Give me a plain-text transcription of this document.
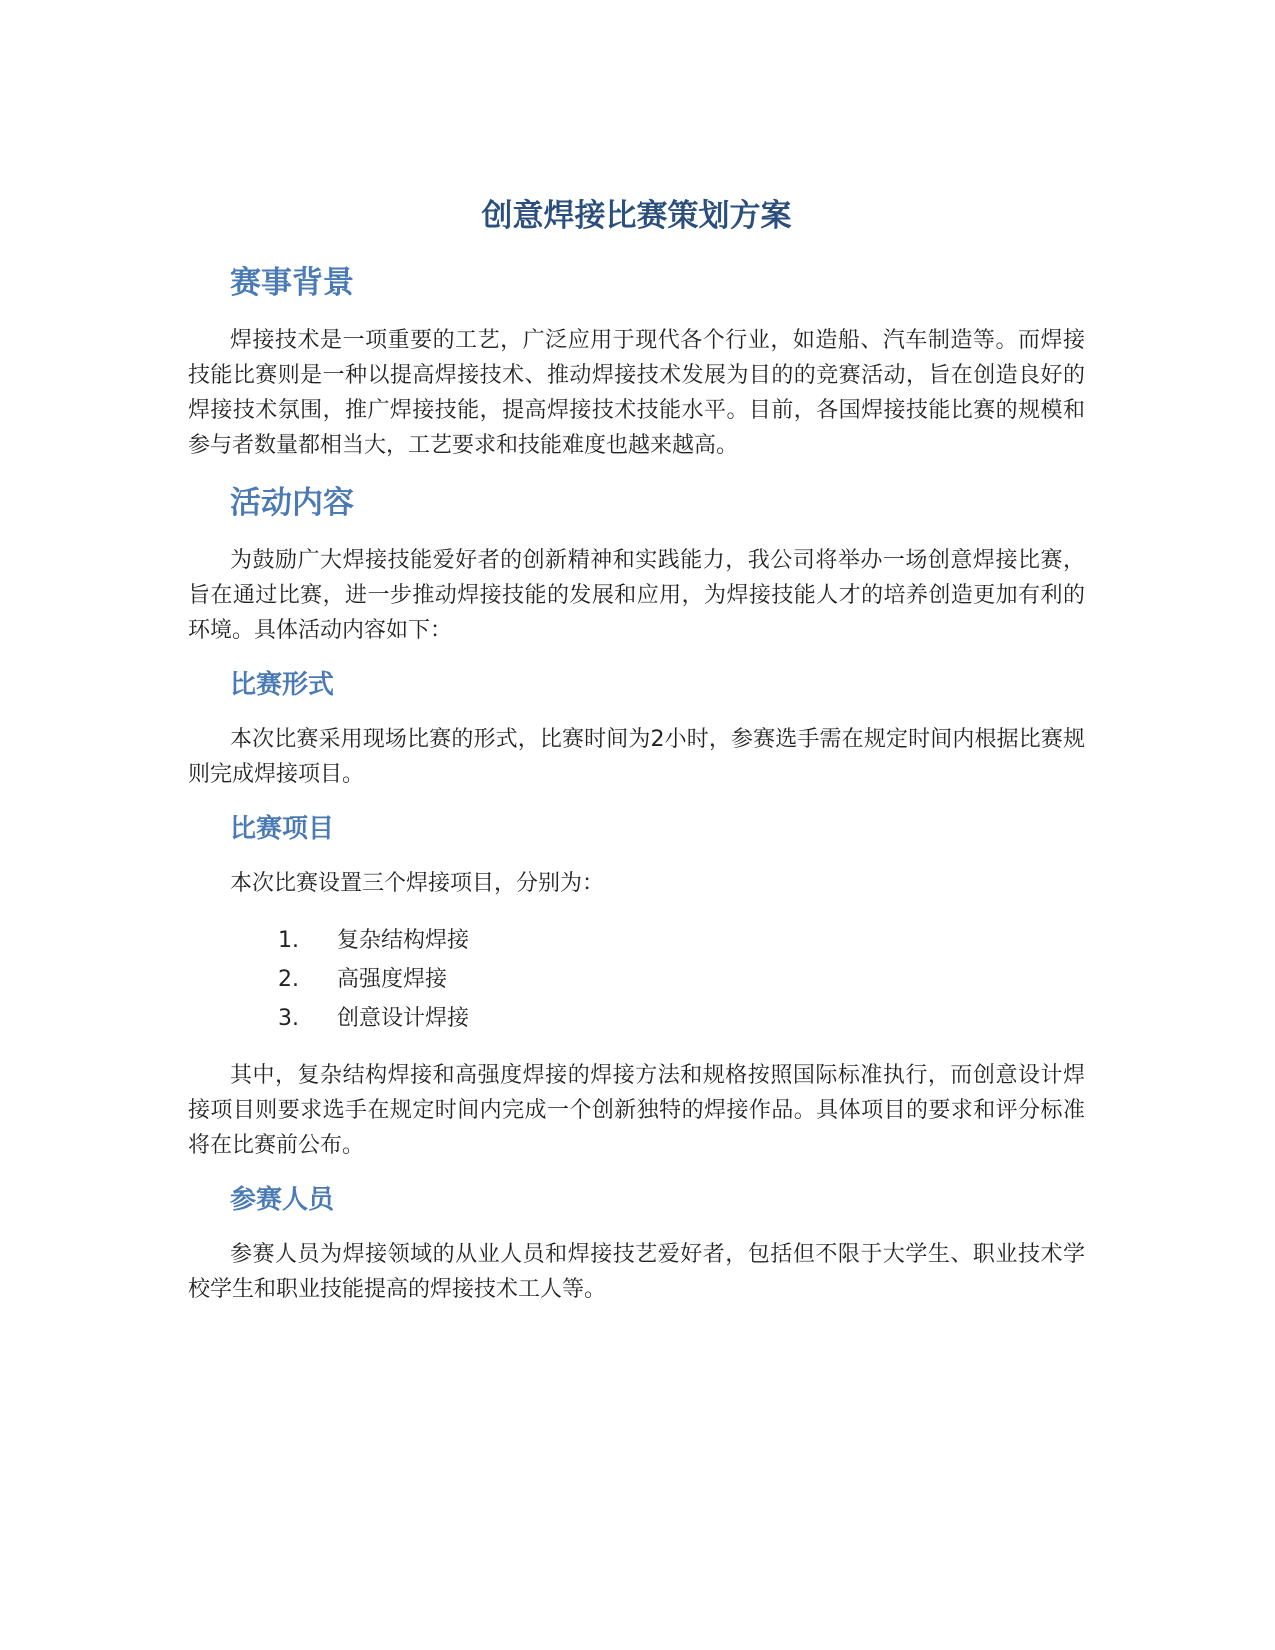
创意焊接比赛策划方案
赛事背景

焊接技术是一项重要的工艺，广泛应用于现代各个行业，如造船、汽车制造等。而焊接技能比赛则是一种以提高焊接技术、推动焊接技术发展为目的的竞赛活动，旨在创造良好的焊接技术氛围，推广焊接技能，提高焊接技术技能水平。目前，各国焊接技能比赛的规模和参与者数量都相当大，工艺要求和技能难度也越来越高。

活动内容

为鼓励广大焊接技能爱好者的创新精神和实践能力，我公司将举办一场创意焊接比赛，旨在通过比赛，进一步推动焊接技能的发展和应用，为焊接技能人才的培养创造更加有利的环境。具体活动内容如下：

比赛形式

本次比赛采用现场比赛的形式，比赛时间为2小时，参赛选手需在规定时间内根据比赛规则完成焊接项目。

比赛项目

本次比赛设置三个焊接项目，分别为：

1.	复杂结构焊接
2.	高强度焊接
3.	创意设计焊接

其中，复杂结构焊接和高强度焊接的焊接方法和规格按照国际标准执行，而创意设计焊接项目则要求选手在规定时间内完成一个创新独特的焊接作品。具体项目的要求和评分标准将在比赛前公布。

参赛人员

参赛人员为焊接领域的从业人员和焊接技艺爱好者，包括但不限于大学生、职业技术学校学生和职业技能提高的焊接技术工人等。
